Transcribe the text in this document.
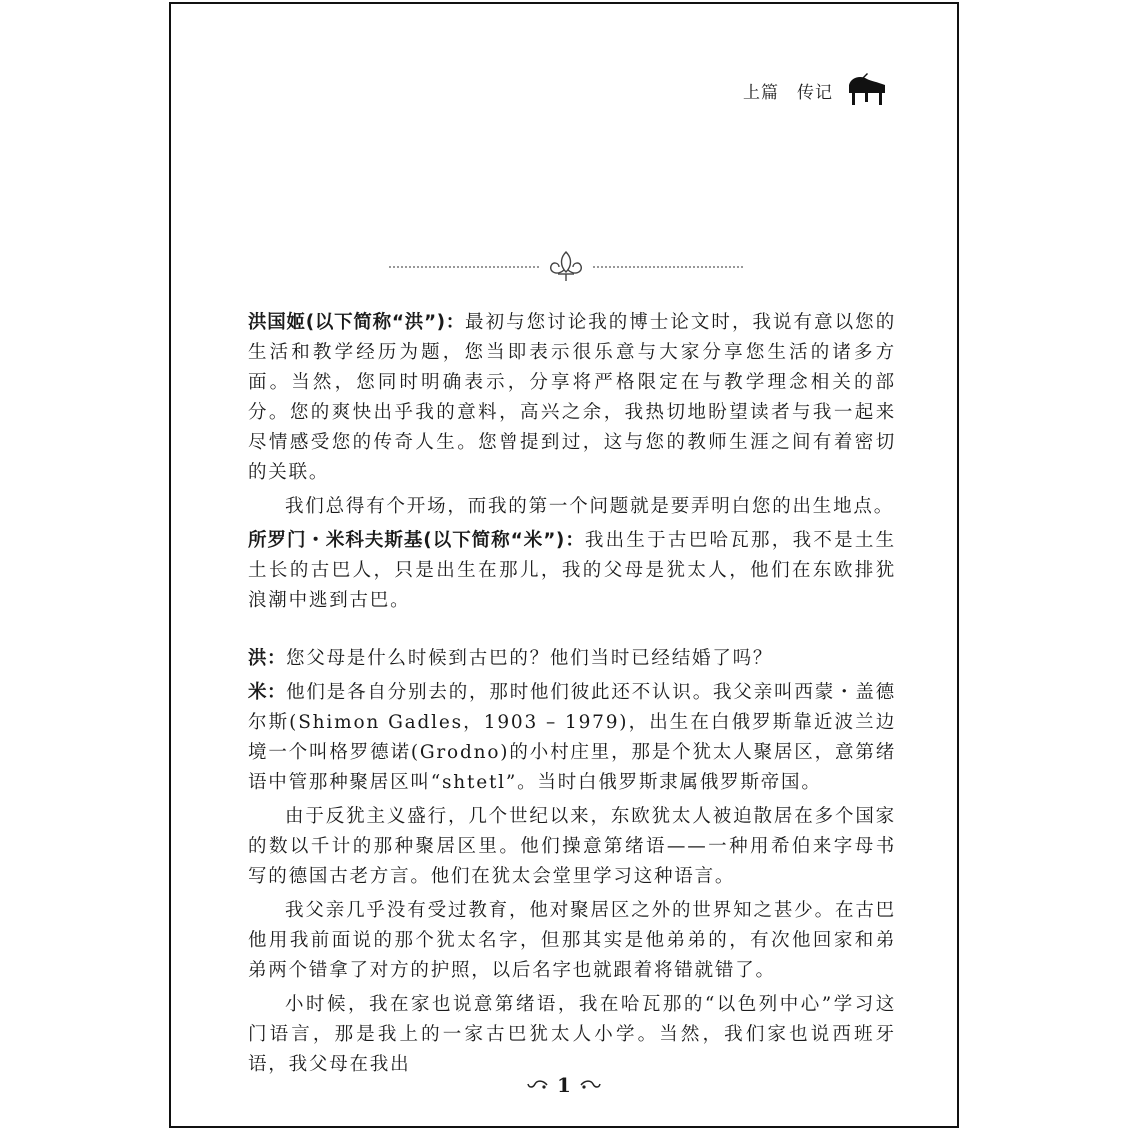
上篇　传记

洪国姬(以下简称“洪”)：最初与您讨论我的博士论文时，我说有意以您的生活和教学经历为题，您当即表示很乐意与大家分享您生活的诸多方面。当然，您同时明确表示，分享将严格限定在与教学理念相关的部分。您的爽快出乎我的意料，高兴之余，我热切地盼望读者与我一起来尽情感受您的传奇人生。您曾提到过，这与您的教师生涯之间有着密切的关联。

我们总得有个开场，而我的第一个问题就是要弄明白您的出生地点。

所罗门・米科夫斯基(以下简称“米”)：我出生于古巴哈瓦那，我不是土生土长的古巴人，只是出生在那儿，我的父母是犹太人，他们在东欧排犹浪潮中逃到古巴。

洪：您父母是什么时候到古巴的？他们当时已经结婚了吗？

米：他们是各自分别去的，那时他们彼此还不认识。我父亲叫西蒙・盖德尔斯(Shimon Gadles，1903 – 1979)，出生在白俄罗斯靠近波兰边境一个叫格罗德诺(Grodno)的小村庄里，那是个犹太人聚居区，意第绪语中管那种聚居区叫“shtetl”。当时白俄罗斯隶属俄罗斯帝国。

由于反犹主义盛行，几个世纪以来，东欧犹太人被迫散居在多个国家的数以千计的那种聚居区里。他们操意第绪语——一种用希伯来字母书写的德国古老方言。他们在犹太会堂里学习这种语言。

我父亲几乎没有受过教育，他对聚居区之外的世界知之甚少。在古巴他用我前面说的那个犹太名字，但那其实是他弟弟的，有次他回家和弟弟两个错拿了对方的护照，以后名字也就跟着将错就错了。

小时候，我在家也说意第绪语，我在哈瓦那的“以色列中心”学习这门语言，那是我上的一家古巴犹太人小学。当然，我们家也说西班牙语，我父母在我出

1
